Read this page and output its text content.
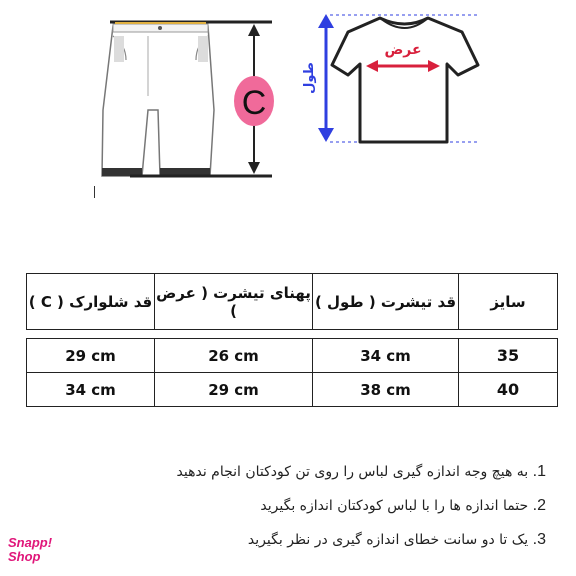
C
طول
عرض
قد شلوارک ( C )	پهنای تیشرت ( عرض )	قد تیشرت ( طول )	سایز

29 cm	26 cm	34 cm	35
34 cm	29 cm	38 cm	40
1. به هیچ وجه اندازه گیری لباس را روی تن کودکتان انجام ندهید
2. حتما اندازه ها را با لباس کودکتان اندازه بگیرید
3. یک تا دو سانت خطای اندازه گیری در نظر بگیرید
Snapp!
Shop
